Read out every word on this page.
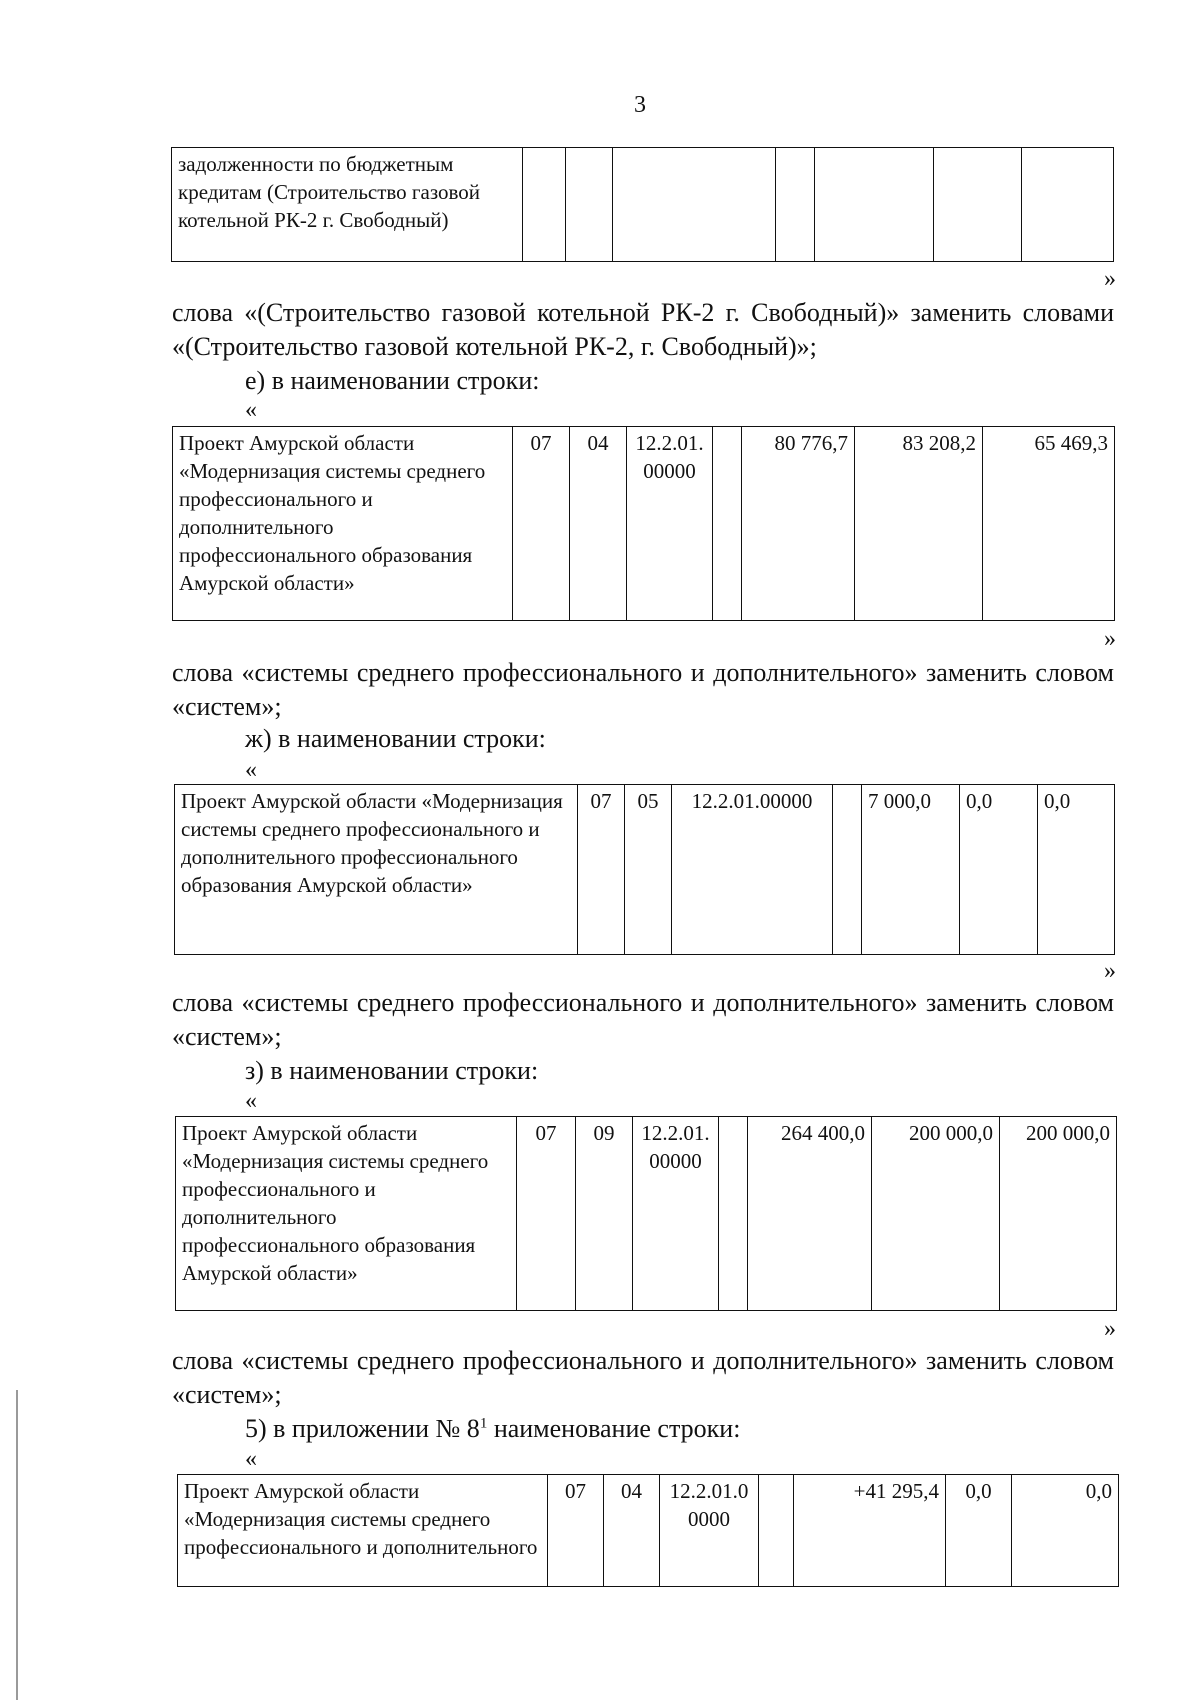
3
задолженности по бюджетным кредитам (Строительство газовой котельной РК-2 г. Свободный)							
»
слова «(Строительство газовой котельной РК-2 г. Свободный)» заменить словами «(Строительство газовой котельной РК-2, г. Свободный)»;
е) в наименовании строки:
«
Проект Амурской области «Модернизация системы среднего профессионального и дополнительного профессионального образования Амурской области»	07	04	12.2.01.00000		80 776,7	83 208,2	65 469,3
»
слова «системы среднего профессионального и дополнительного» заменить словом «систем»;
ж) в наименовании строки:
«
Проект Амурской области «Модернизация системы среднего профессионального и дополнительного профессионального образования Амурской области»	07	05	12.2.01.00000		7 000,0	0,0	0,0
»
слова «системы среднего профессионального и дополнительного» заменить словом «систем»;
з) в наименовании строки:
«
Проект Амурской области «Модернизация системы среднего профессионального и дополнительного профессионального образования Амурской области»	07	09	12.2.01.00000		264 400,0	200 000,0	200 000,0
»
слова «системы среднего профессионального и дополнительного» заменить словом «систем»;
5) в приложении № $8^1$ наименование строки:
«
Проект Амурской области «Модернизация системы среднего профессионального и дополнительного	07	04	12.2.01.00000		+41 295,4	0,0	0,0
